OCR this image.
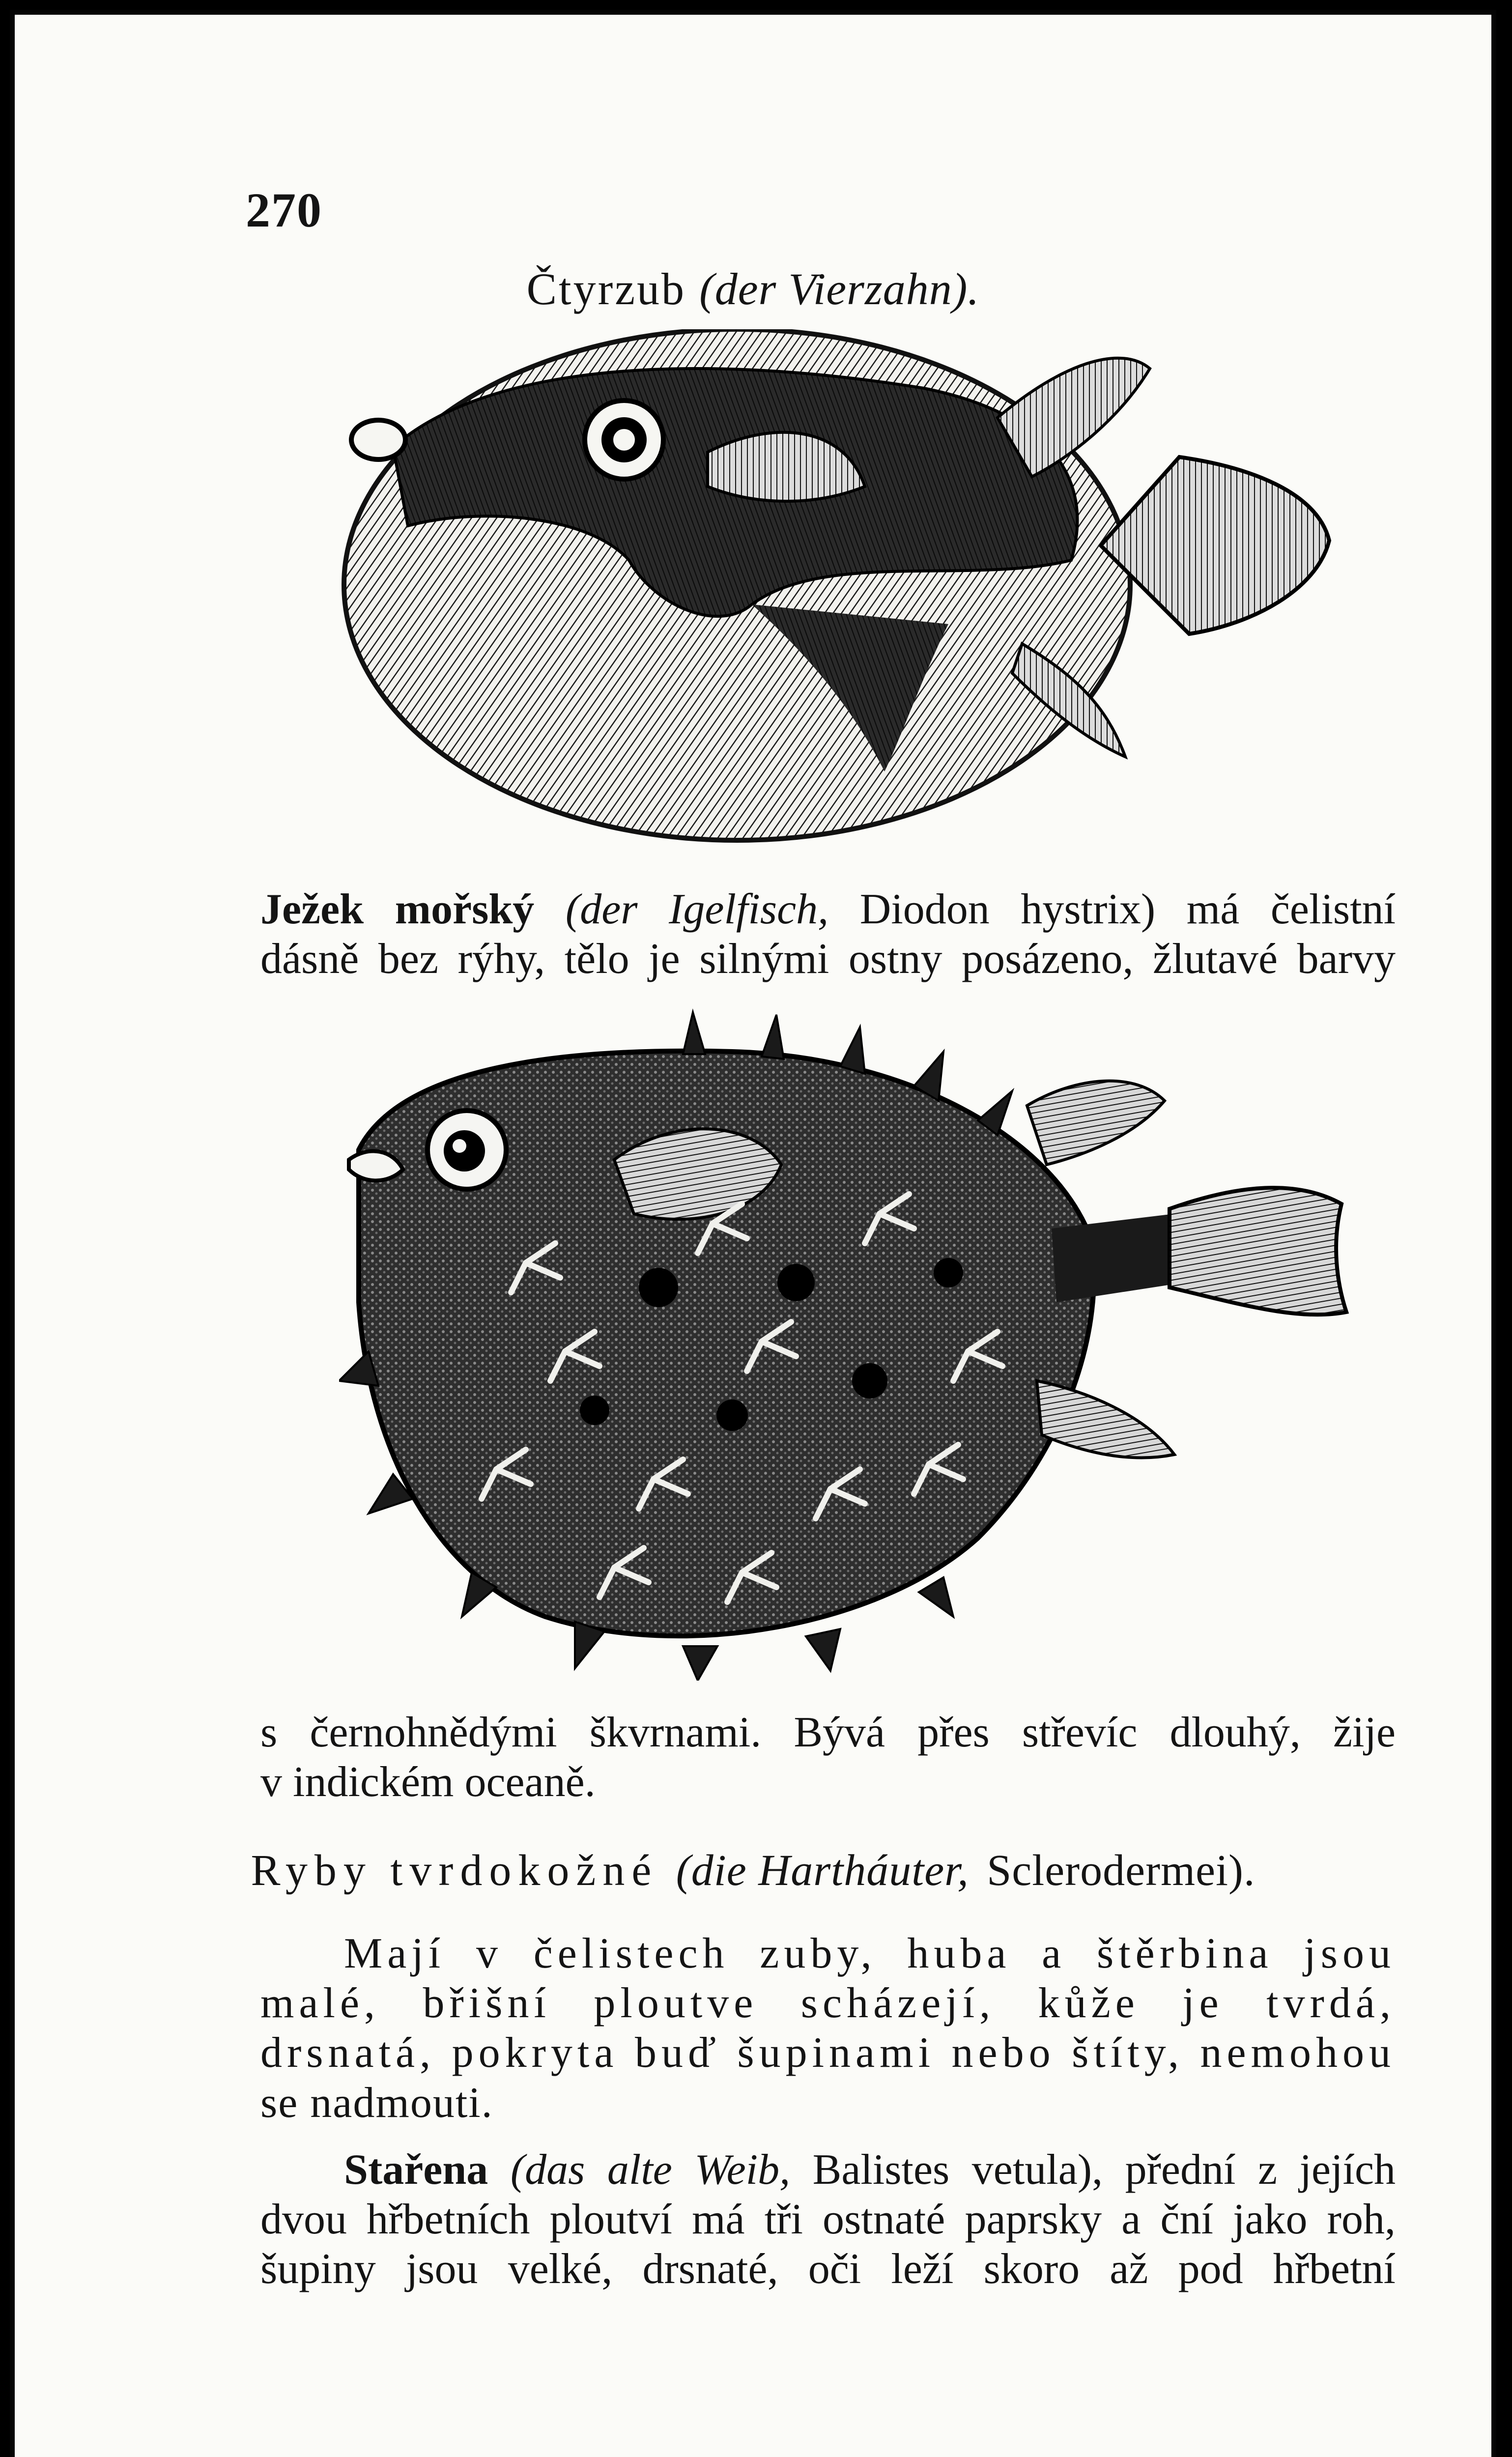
270
Čtyrzub (der Vierzahn).
Ježek mořský (der Igelfisch, Diodon hystrix) má čelistní
dásně bez rýhy, tělo je silnými ostny posázeno, žlutavé barvy
s černohnědými škvrnami. Bývá přes střevíc dlouhý, žije
v indickém oceaně.
Ryby tvrdokožné (die Hartháuter, Sclerodermei).
Mají v čelistech zuby, huba a štěrbina jsou
malé, břišní ploutve scházejí, kůže je tvrdá,
drsnatá, pokryta buď šupinami nebo štíty, nemohou
se nadmouti.
Stařena (das alte Weib, Balistes vetula), přední z jejích
dvou hřbetních ploutví má tři ostnaté paprsky a ční jako roh,
šupiny jsou velké, drsnaté, oči leží skoro až pod hřbetní
